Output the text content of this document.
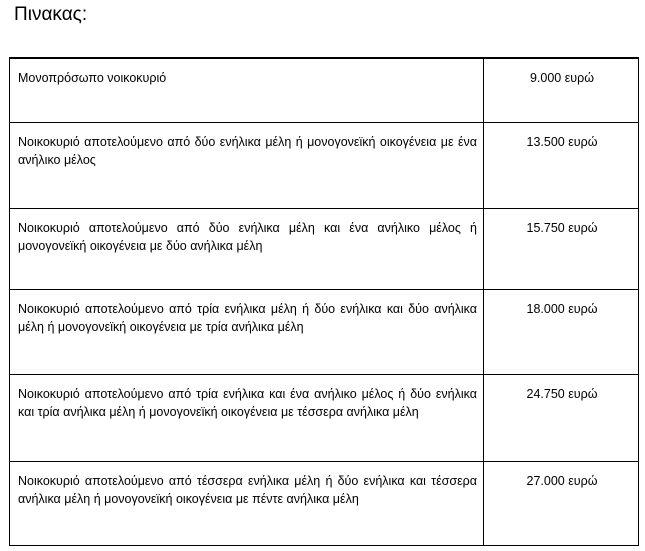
Πινακας:
Μονοπρόσωπο νοικοκυριό	9.000 ευρώ
Νοικοκυριό αποτελούμενο από δύο ενήλικα μέλη ή μονογονεϊκή οικογένεια με ένα ανήλικο μέλος	13.500 ευρώ
Νοικοκυριό αποτελούμενο από δύο ενήλικα μέλη και ένα ανήλικο μέλος ή μονογονεϊκή οικογένεια με δύο ανήλικα μέλη	15.750 ευρώ
Νοικοκυριό αποτελούμενο από τρία ενήλικα μέλη ή δύο ενήλικα και δύο ανήλικα μέλη ή μονογονεϊκή οικογένεια με τρία ανήλικα μέλη	18.000 ευρώ
Νοικοκυριό αποτελούμενο από τρία ενήλικα και ένα ανήλικο μέλος ή δύο ενήλικα και τρία ανήλικα μέλη ή μονογονεϊκή οικογένεια με τέσσερα ανήλικα μέλη	24.750 ευρώ
Νοικοκυριό αποτελούμενο από τέσσερα ενήλικα μέλη ή δύο ενήλικα και τέσσερα ανήλικα μέλη ή μονογονεϊκή οικογένεια με πέντε ανήλικα μέλη	27.000 ευρώ
